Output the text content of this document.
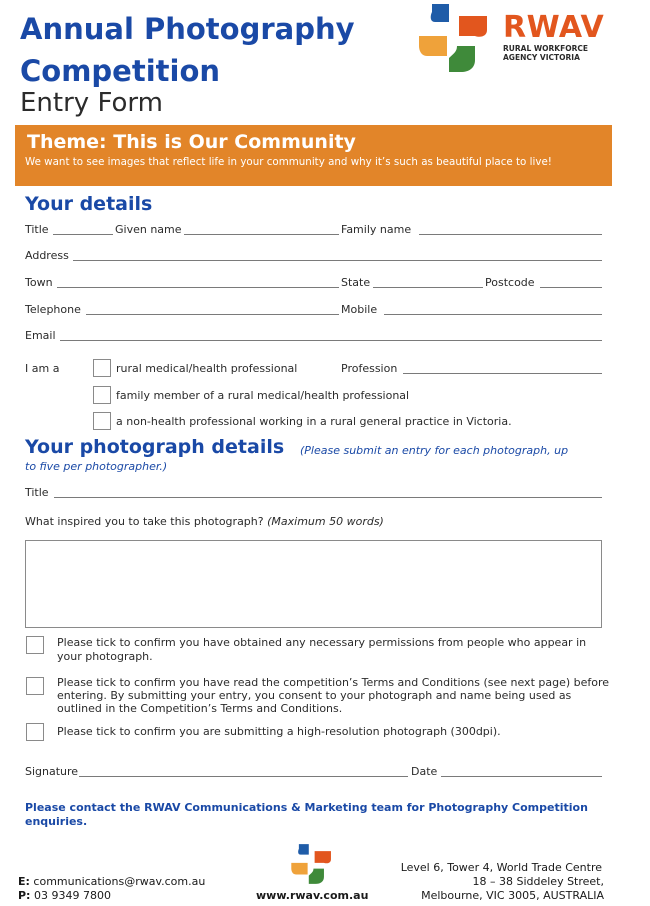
Annual Photography Competition
Entry Form
RWAV
RURAL WORKFORCE
AGENCY VICTORIA
Theme: This is Our Community
We want to see images that reflect life in your community and why it’s such as beautiful place to live!
Your details
Title	Given name	Family name
Address
Town	State	Postcode
Telephone	Mobile
Email
I am a	rural medical/health professional	Profession
family member of a rural medical/health professional
a non-health professional working in a rural general practice in Victoria.
Your photograph details (Please submit an entry for each photograph, up
to five per photographer.)
Title
What inspired you to take this photograph? (Maximum 50 words)
Please tick to confirm you have obtained any necessary permissions from people who appear in
your photograph.
Please tick to confirm you have read the competition’s Terms and Conditions (see next page) before
entering. By submitting your entry, you consent to your photograph and name being used as
outlined in the Competition’s Terms and Conditions.
Please tick to confirm you are submitting a high-resolution photograph (300dpi).
Signature	Date
Please contact the RWAV Communications & Marketing team for Photography Competition
enquiries.
E: communications@rwav.com.au
P: 03 9349 7800	www.rwav.com.au
Level 6, Tower 4, World Trade Centre
18 – 38 Siddeley Street,
Melbourne, VIC 3005, AUSTRALIA
